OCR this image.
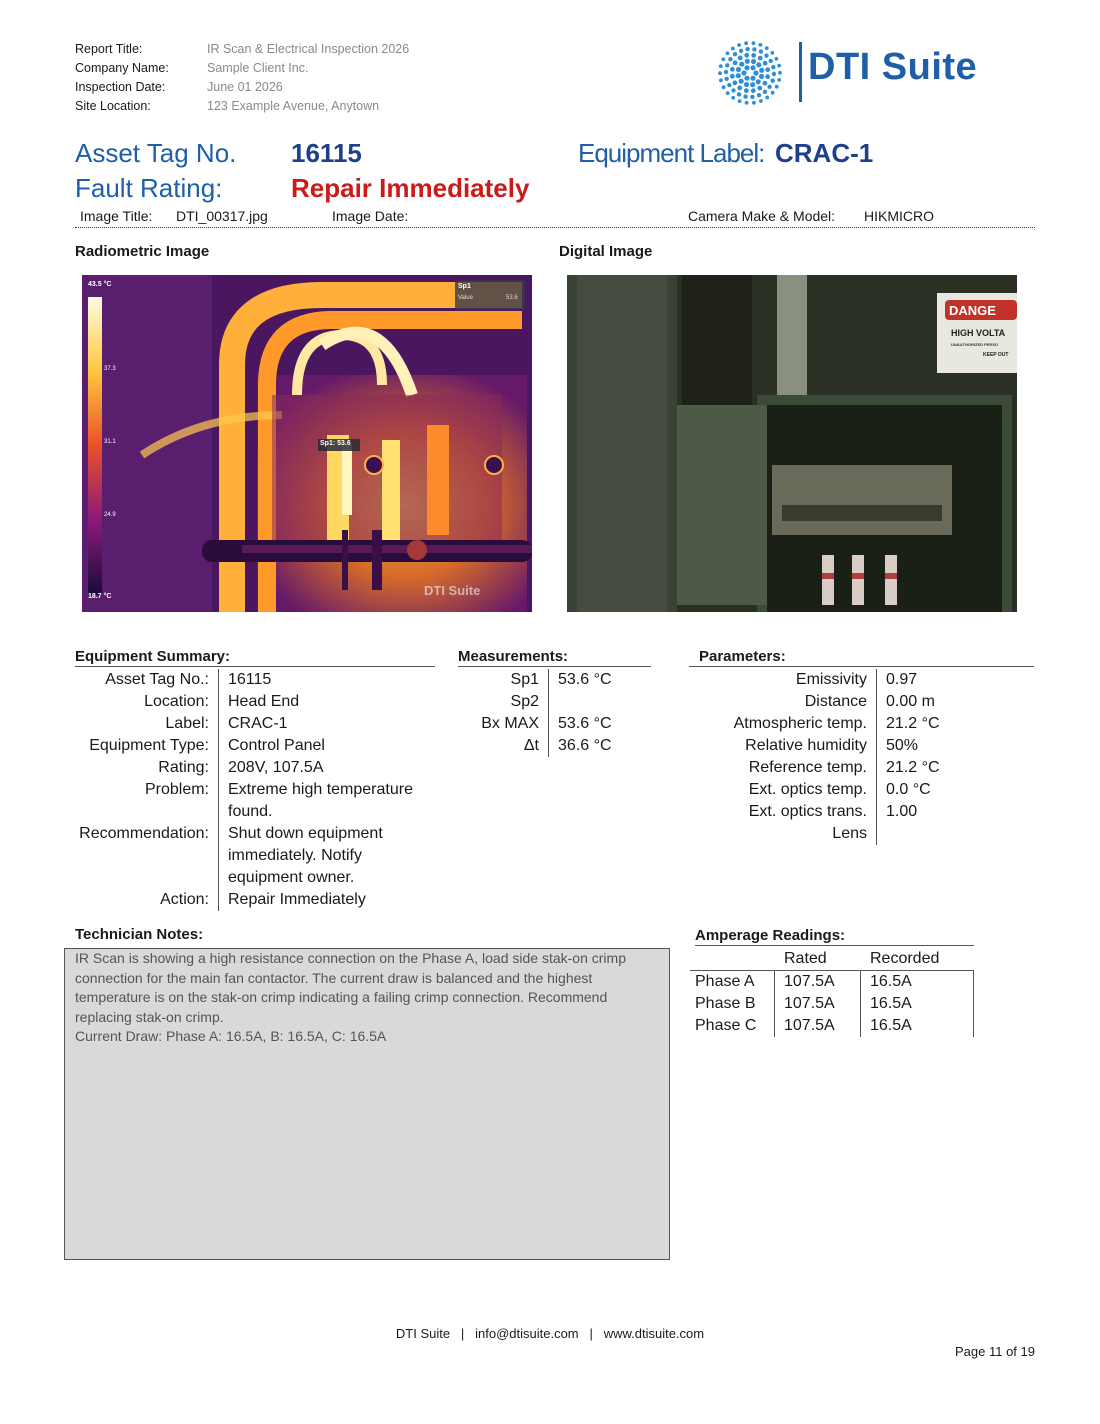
Report Title:	IR Scan & Electrical Inspection 2026
Company Name:	Sample Client Inc.
Inspection Date:	June 01 2026
Site Location:	123 Example Avenue, Anytown
DTI Suite
Asset Tag No. 16115	Equipment Label: CRAC-1
Fault Rating:	Repair Immediately
Image Title: DTI_00317.jpg	Image Date:	Camera Make & Model: HIKMICRO
Radiometric Image	Digital Image
43.5 °C
37.3
31.1
24.9
18.7 °C
Sp1
Value	53.6
Sp1: 53.6
DTI Suite
DANGE
HIGH VOLTA
UNAUTHORIZED PERSO
KEEP OUT
Equipment Summary:
Asset Tag No.:	16115
Location:	Head End
Label:	CRAC-1
Equipment Type:	Control Panel
Rating:	208V, 107.5A
Problem:	Extreme high temperature
found.
Recommendation:	Shut down equipment
immediately. Notify
equipment owner.
Action:	Repair Immediately
Measurements:
Sp1	53.6 °C
Sp2
Bx MAX	53.6 °C
Δt	36.6 °C
Parameters:
Emissivity	0.97
Distance	0.00 m
Atmospheric temp.	21.2 °C
Relative humidity	50%
Reference temp.	21.2 °C
Ext. optics temp.	0.0 °C
Ext. optics trans.	1.00
Lens
Technician Notes:
IR Scan is showing a high resistance connection on the Phase A, load side stak-on crimp
connection for the main fan contactor. The current draw is balanced and the highest
temperature is on the stak-on crimp indicating a failing crimp connection. Recommend
replacing stak-on crimp.
Current Draw: Phase A: 16.5A, B: 16.5A, C: 16.5A
Amperage Readings:
Rated	Recorded
Phase A 107.5A 16.5A
Phase B 107.5A 16.5A
Phase C 107.5A 16.5A
DTI Suite   |   info@dtisuite.com   |   www.dtisuite.com
Page 11 of 19
